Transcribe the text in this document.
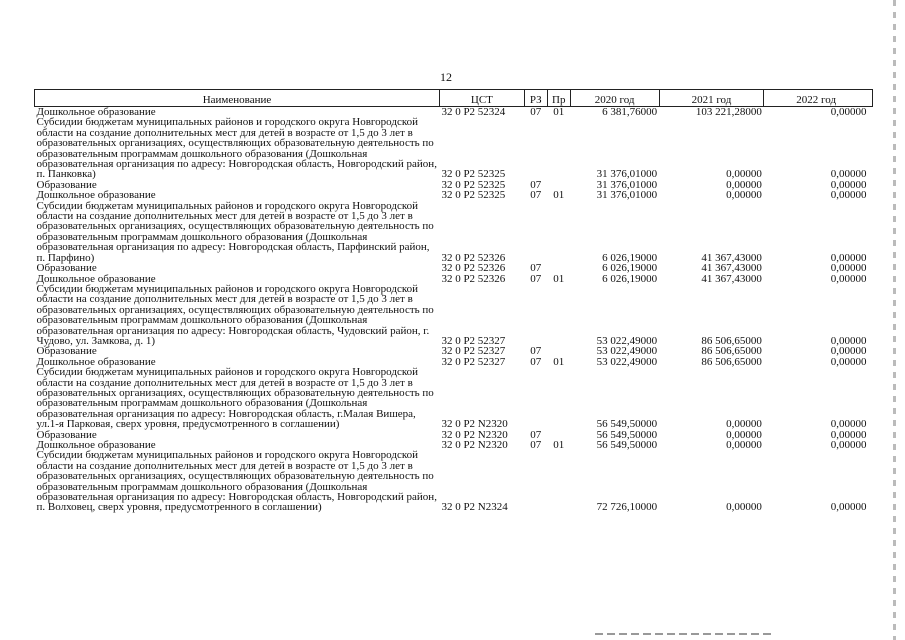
12
Наименование	ЦСТ	РЗ	Пр	2020 год	2021 год	2022 год

Дошкольное образование	32 0 Р2 52324	07	01	6 381,76000	103 221,28000	0,00000

Субсидии бюджетам муниципальных районов и городского округа Новгородской области на создание дополнительных мест для детей в возрасте от 1,5 до 3 лет в образовательных организациях, осуществляющих образовательную деятельность по образовательным программам дошкольного образования (Дошкольная образовательная организация по адресу: Новгородская область, Новгородский район, п. Панковка)	32 0 Р2 52325			31 376,01000	0,00000	0,00000

Образование	32 0 Р2 52325	07		31 376,01000	0,00000	0,00000

Дошкольное образование	32 0 Р2 52325	07	01	31 376,01000	0,00000	0,00000

Субсидии бюджетам муниципальных районов и городского округа Новгородской области на создание дополнительных мест для детей в возрасте от 1,5 до 3 лет в образовательных организациях, осуществляющих образовательную деятельность по образовательным программам дошкольного образования (Дошкольная образовательная организация по адресу: Новгородская область, Парфинский район, п. Парфино)	32 0 Р2 52326			6 026,19000	41 367,43000	0,00000

Образование	32 0 Р2 52326	07		6 026,19000	41 367,43000	0,00000

Дошкольное образование	32 0 Р2 52326	07	01	6 026,19000	41 367,43000	0,00000

Субсидии бюджетам муниципальных районов и городского округа Новгородской области на создание дополнительных мест для детей в возрасте от 1,5 до 3 лет в образовательных организациях, осуществляющих образовательную деятельность по образовательным программам дошкольного образования (Дошкольная образовательная организация по адресу: Новгородская область, Чудовский район, г. Чудово, ул. Замкова, д. 1)	32 0 Р2 52327			53 022,49000	86 506,65000	0,00000

Образование	32 0 Р2 52327	07		53 022,49000	86 506,65000	0,00000

Дошкольное образование	32 0 Р2 52327	07	01	53 022,49000	86 506,65000	0,00000

Субсидии бюджетам муниципальных районов и городского округа Новгородской области на создание дополнительных мест для детей в возрасте от 1,5 до 3 лет в образовательных организациях, осуществляющих образовательную деятельность по образовательным программам дошкольного образования (Дошкольная образовательная организация по адресу: Новгородская область, г.Малая Вишера, ул.1-я Парковая, сверх уровня, предусмотренного в соглашении)	32 0 Р2 N2320			56 549,50000	0,00000	0,00000

Образование	32 0 Р2 N2320	07		56 549,50000	0,00000	0,00000

Дошкольное образование	32 0 Р2 N2320	07	01	56 549,50000	0,00000	0,00000

Субсидии бюджетам муниципальных районов и городского округа Новгородской области на создание дополнительных мест для детей в возрасте от 1,5 до 3 лет в образовательных организациях, осуществляющих образовательную деятельность по образовательным программам дошкольного образования (Дошкольная образовательная организация по адресу: Новгородская область, Новгородский район, п. Волховец, сверх уровня, предусмотренного в соглашении)	32 0 Р2 N2324			72 726,10000	0,00000	0,00000
